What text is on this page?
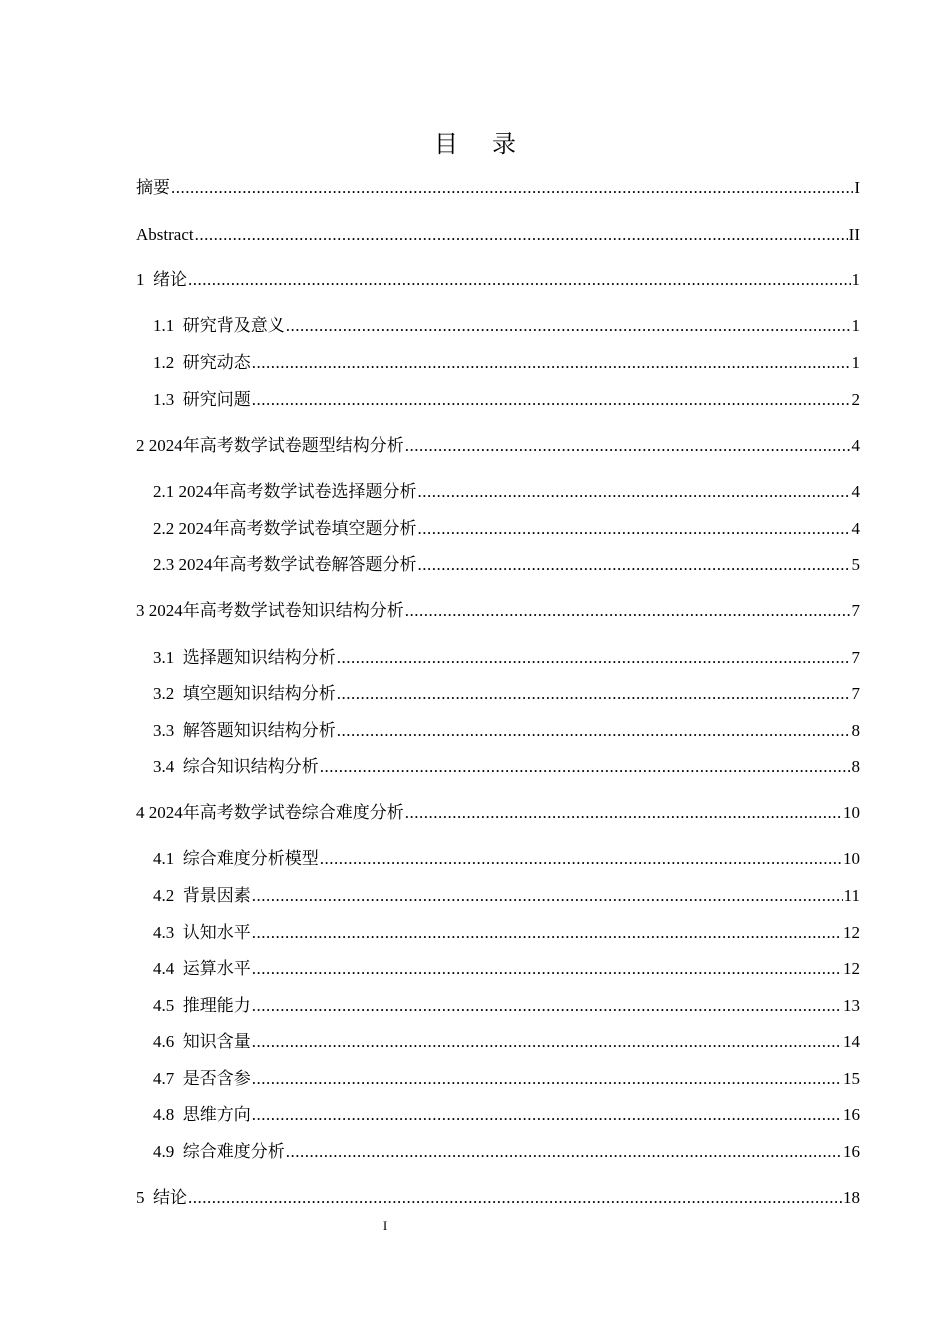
目 录
摘要 .....	I
Abstract .....	II
1  绪论 .....	1
1.1  研究背及意义 .....	1
1.2  研究动态 .....	1
1.3  研究问题 .....	2
2 2024年高考数学试卷题型结构分析 .....	4
2.1 2024年高考数学试卷选择题分析 .....	4
2.2 2024年高考数学试卷填空题分析 .....	4
2.3 2024年高考数学试卷解答题分析 .....	5
3 2024年高考数学试卷知识结构分析 .....	7
3.1  选择题知识结构分析 .....	7
3.2  填空题知识结构分析 .....	7
3.3  解答题知识结构分析 .....	8
3.4  综合知识结构分析 .....	8
4 2024年高考数学试卷综合难度分析 .....	10
4.1  综合难度分析模型 .....	10
4.2  背景因素 .....	11
4.3  认知水平 .....	12
4.4  运算水平 .....	12
4.5  推理能力 .....	13
4.6  知识含量 .....	14
4.7  是否含参 .....	15
4.8  思维方向 .....	16
4.9  综合难度分析 .....	16
5  结论 .....	18
I
